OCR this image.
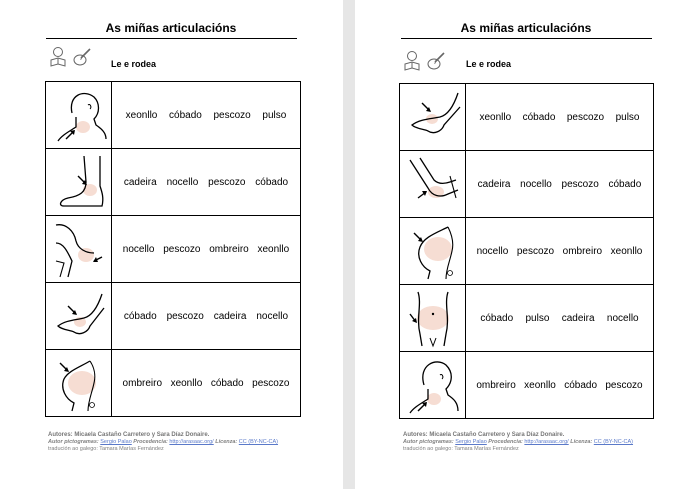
As miñas articulacións
Le e rodea

xeonllo cóbado pescozo pulso

cadeira nocello pescozo cóbado

nocello pescozo ombreiro xeonllo

cóbado pescozo cadeira nocello

ombreiro xeonllo cóbado pescozo
Autores: Micaela Castaño Carretero y Sara Díaz Donaire.
Autor pictogramas: Sergio Palao Procedencia: http://arasaac.org/ Licenza: CC (BY-NC-CA)
tradución ao galego: Tamara Marías Fernández
As miñas articulacións
Le e rodea

xeonllo cóbado pescozo pulso

cadeira nocello pescozo cóbado

nocello pescozo ombreiro xeonllo

cóbado pulso cadeira nocello

ombreiro xeonllo cóbado pescozo
Autores: Micaela Castaño Carretero y Sara Díaz Donaire.
Autor pictogramas: Sergio Palao Procedencia: http://arasaac.org/ Licenza: CC (BY-NC-CA)
tradución ao galego: Tamara Marías Fernández
